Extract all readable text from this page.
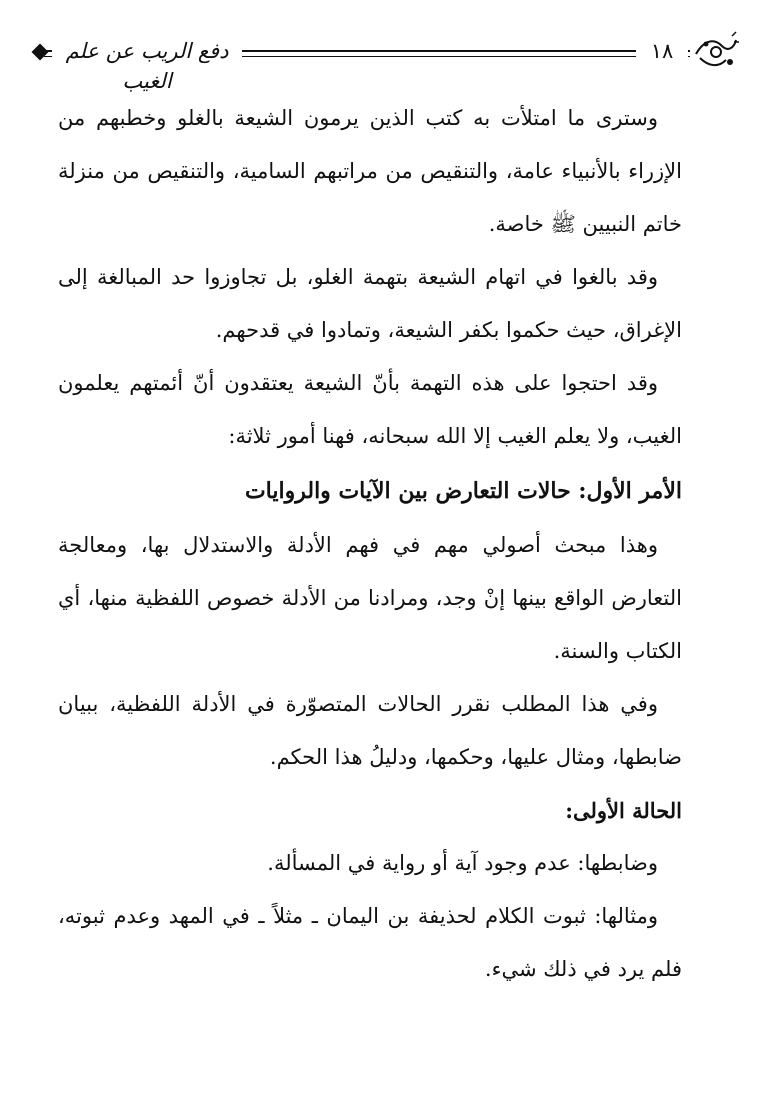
دفع الريب عن علم الغيب
١٨

وسترى ما امتلأت به كتب الذين يرمون الشيعة بالغلو وخطبهم من الإزراء بالأنبياء عامة، والتنقيص من مراتبهم السامية، والتنقيص من منزلة خاتم النبيين ﷺ خاصة.

وقد بالغوا في اتهام الشيعة بتهمة الغلو، بل تجاوزوا حد المبالغة إلى الإغراق، حيث حكموا بكفر الشيعة، وتمادوا في قدحهم.

وقد احتجوا على هذه التهمة بأنّ الشيعة يعتقدون أنّ أئمتهم يعلمون الغيب، ولا يعلم الغيب إلا الله سبحانه، فهنا أمور ثلاثة:

الأمر الأول: حالات التعارض بين الآيات والروايات

وهذا مبحث أصولي مهم في فهم الأدلة والاستدلال بها، ومعالجة التعارض الواقع بينها إنْ وجد، ومرادنا من الأدلة خصوص اللفظية منها، أي الكتاب والسنة.

وفي هذا المطلب نقرر الحالات المتصوّرة في الأدلة اللفظية، ببيان ضابطها، ومثال عليها، وحكمها، ودليلُ هذا الحكم.

الحالة الأولى:

وضابطها: عدم وجود آية أو رواية في المسألة.

ومثالها: ثبوت الكلام لحذيفة بن اليمان ـ مثلاً ـ في المهد وعدم ثبوته، فلم يرد في ذلك شيء.
